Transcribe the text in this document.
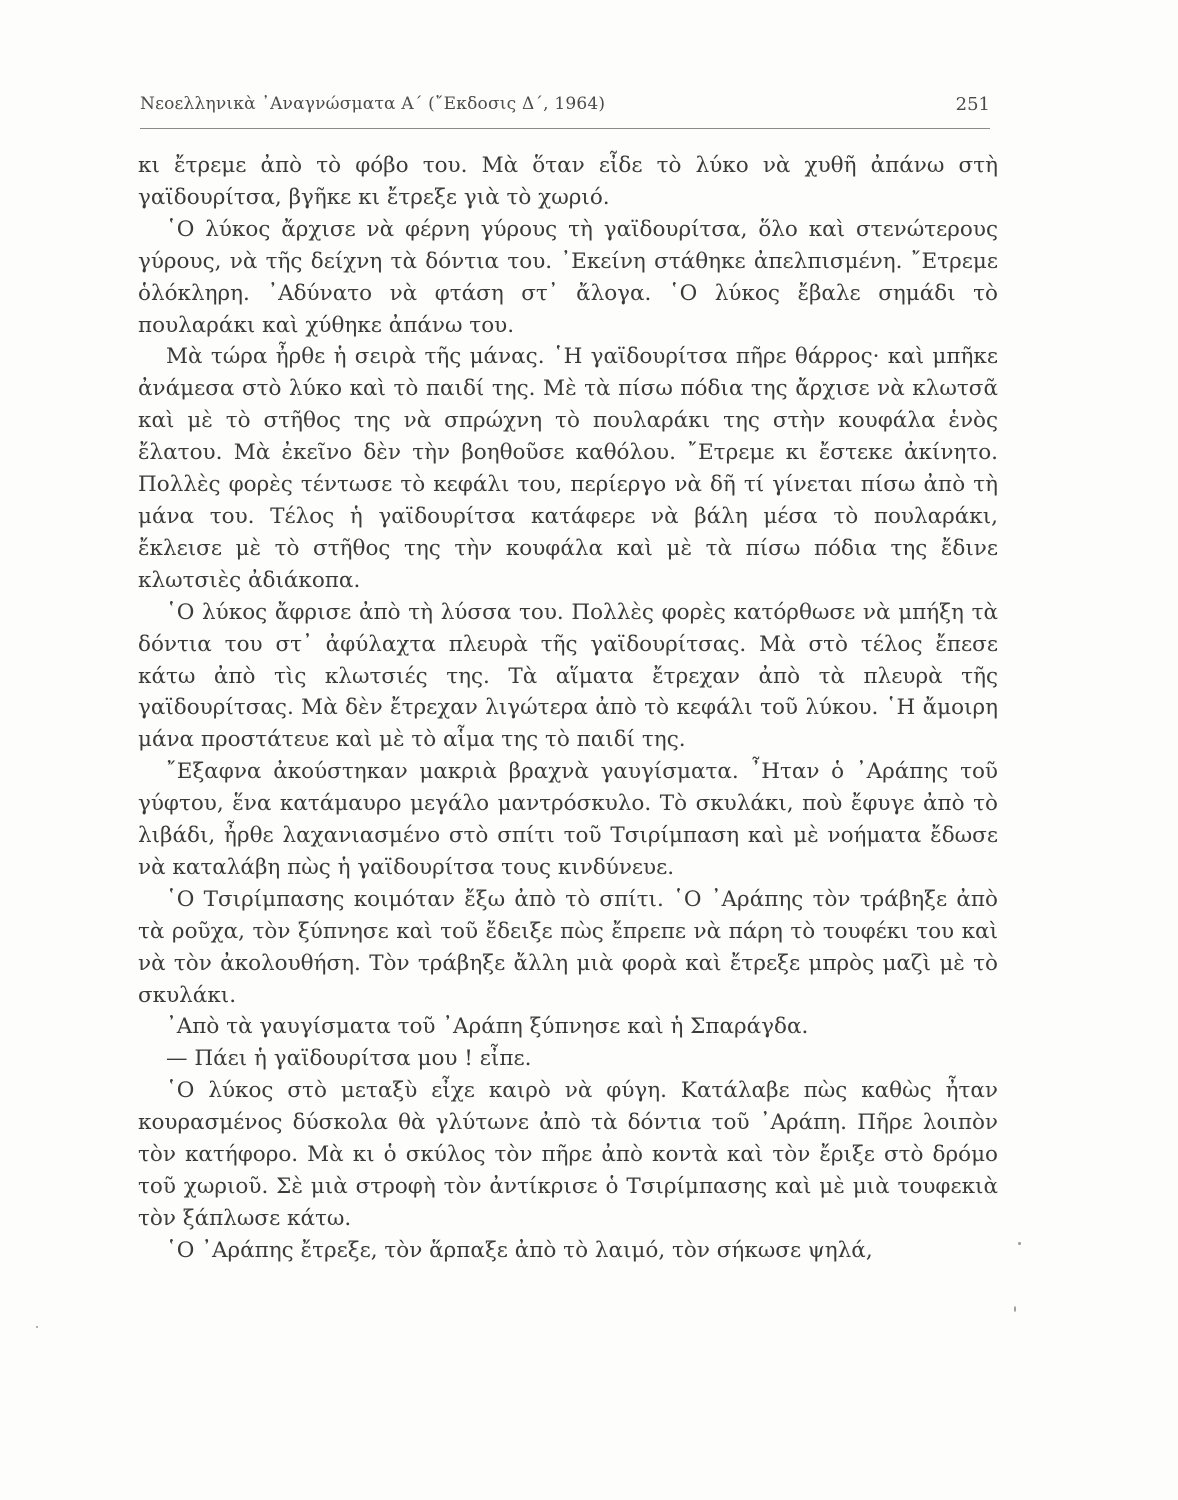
Νεοελληνικὰ ᾿Αναγνώσματα Α΄ (῎Εκδοσις Δ΄, 1964)	251

κι ἔτρεμε ἀπὸ τὸ φόβο του. Μὰ ὅταν εἶδε τὸ λύκο νὰ χυθῆ ἀπάνω στὴ γαϊδουρίτσα, βγῆκε κι ἔτρεξε γιὰ τὸ χωριό.

῾Ο λύκος ἄρχισε νὰ φέρνη γύρους τὴ γαϊδουρίτσα, ὅλο καὶ στενώτερους γύρους, νὰ τῆς δείχνη τὰ δόντια του. ᾿Εκείνη στάθηκε ἀπελπισμένη. ῎Ετρεμε ὁλόκληρη. ᾿Αδύνατο νὰ φτάση στ᾿ ἄλογα. ῾Ο λύκος ἔβαλε σημάδι τὸ πουλαράκι καὶ χύθηκε ἀπάνω του.

Μὰ τώρα ἦρθε ἡ σειρὰ τῆς μάνας. ῾Η γαϊδουρίτσα πῆρε θάρρος· καὶ μπῆκε ἀνάμεσα στὸ λύκο καὶ τὸ παιδί της. Μὲ τὰ πίσω πόδια της ἄρχισε νὰ κλωτσᾶ καὶ μὲ τὸ στῆθος της νὰ σπρώχνη τὸ πουλαράκι της στὴν κουφάλα ἑνὸς ἔλατου. Μὰ ἐκεῖνο δὲν τὴν βοηθοῦσε καθόλου. ῎Ετρεμε κι ἔστεκε ἀκίνητο. Πολλὲς φορὲς τέντωσε τὸ κεφάλι του, περίεργο νὰ δῆ τί γίνεται πίσω ἀπὸ τὴ μάνα του. Τέλος ἡ γαϊδουρίτσα κατάφερε νὰ βάλη μέσα τὸ πουλαράκι, ἔκλεισε μὲ τὸ στῆθος της τὴν κουφάλα καὶ μὲ τὰ πίσω πόδια της ἔδινε κλωτσιὲς ἀδιάκοπα.

῾Ο λύκος ἄφρισε ἀπὸ τὴ λύσσα του. Πολλὲς φορὲς κατόρθωσε νὰ μπήξη τὰ δόντια του στ᾿ ἀφύλαχτα πλευρὰ τῆς γαϊδουρίτσας. Μὰ στὸ τέλος ἔπεσε κάτω ἀπὸ τὶς κλωτσιές της. Τὰ αἵματα ἔτρεχαν ἀπὸ τὰ πλευρὰ τῆς γαϊδουρίτσας. Μὰ δὲν ἔτρεχαν λιγώτερα ἀπὸ τὸ κεφάλι τοῦ λύκου. ῾Η ἄμοιρη μάνα προστάτευε καὶ μὲ τὸ αἷμα της τὸ παιδί της.

῎Εξαφνα ἀκούστηκαν μακριὰ βραχνὰ γαυγίσματα. ῏Ηταν ὁ ᾿Αράπης τοῦ γύφτου, ἕνα κατάμαυρο μεγάλο μαντρόσκυλο. Τὸ σκυλάκι, ποὺ ἔφυγε ἀπὸ τὸ λιβάδι, ἦρθε λαχανιασμένο στὸ σπίτι τοῦ Τσιρίμπαση καὶ μὲ νοήματα ἔδωσε νὰ καταλάβη πὼς ἡ γαϊδουρίτσα τους κινδύνευε.

῾Ο Τσιρίμπασης κοιμόταν ἔξω ἀπὸ τὸ σπίτι. ῾Ο ᾿Αράπης τὸν τράβηξε ἀπὸ τὰ ροῦχα, τὸν ξύπνησε καὶ τοῦ ἔδειξε πὼς ἔπρεπε νὰ πάρη τὸ τουφέκι του καὶ νὰ τὸν ἀκολουθήση. Τὸν τράβηξε ἄλλη μιὰ φορὰ καὶ ἔτρεξε μπρὸς μαζὶ μὲ τὸ σκυλάκι.

᾿Απὸ τὰ γαυγίσματα τοῦ ᾿Αράπη ξύπνησε καὶ ἡ Σπαράγδα.

— Πάει ἡ γαϊδουρίτσα μου ! εἶπε.

῾Ο λύκος στὸ μεταξὺ εἶχε καιρὸ νὰ φύγη. Κατάλαβε πὼς καθὼς ἦταν κουρασμένος δύσκολα θὰ γλύτωνε ἀπὸ τὰ δόντια τοῦ ᾿Αράπη. Πῆρε λοιπὸν τὸν κατήφορο. Μὰ κι ὁ σκύλος τὸν πῆρε ἀπὸ κοντὰ καὶ τὸν ἔριξε στὸ δρόμο τοῦ χωριοῦ. Σὲ μιὰ στροφὴ τὸν ἀντίκρισε ὁ Τσιρίμπασης καὶ μὲ μιὰ τουφεκιὰ τὸν ξάπλωσε κάτω.

῾Ο ᾿Αράπης ἔτρεξε, τὸν ἅρπαξε ἀπὸ τὸ λαιμό, τὸν σήκωσε ψηλά,
